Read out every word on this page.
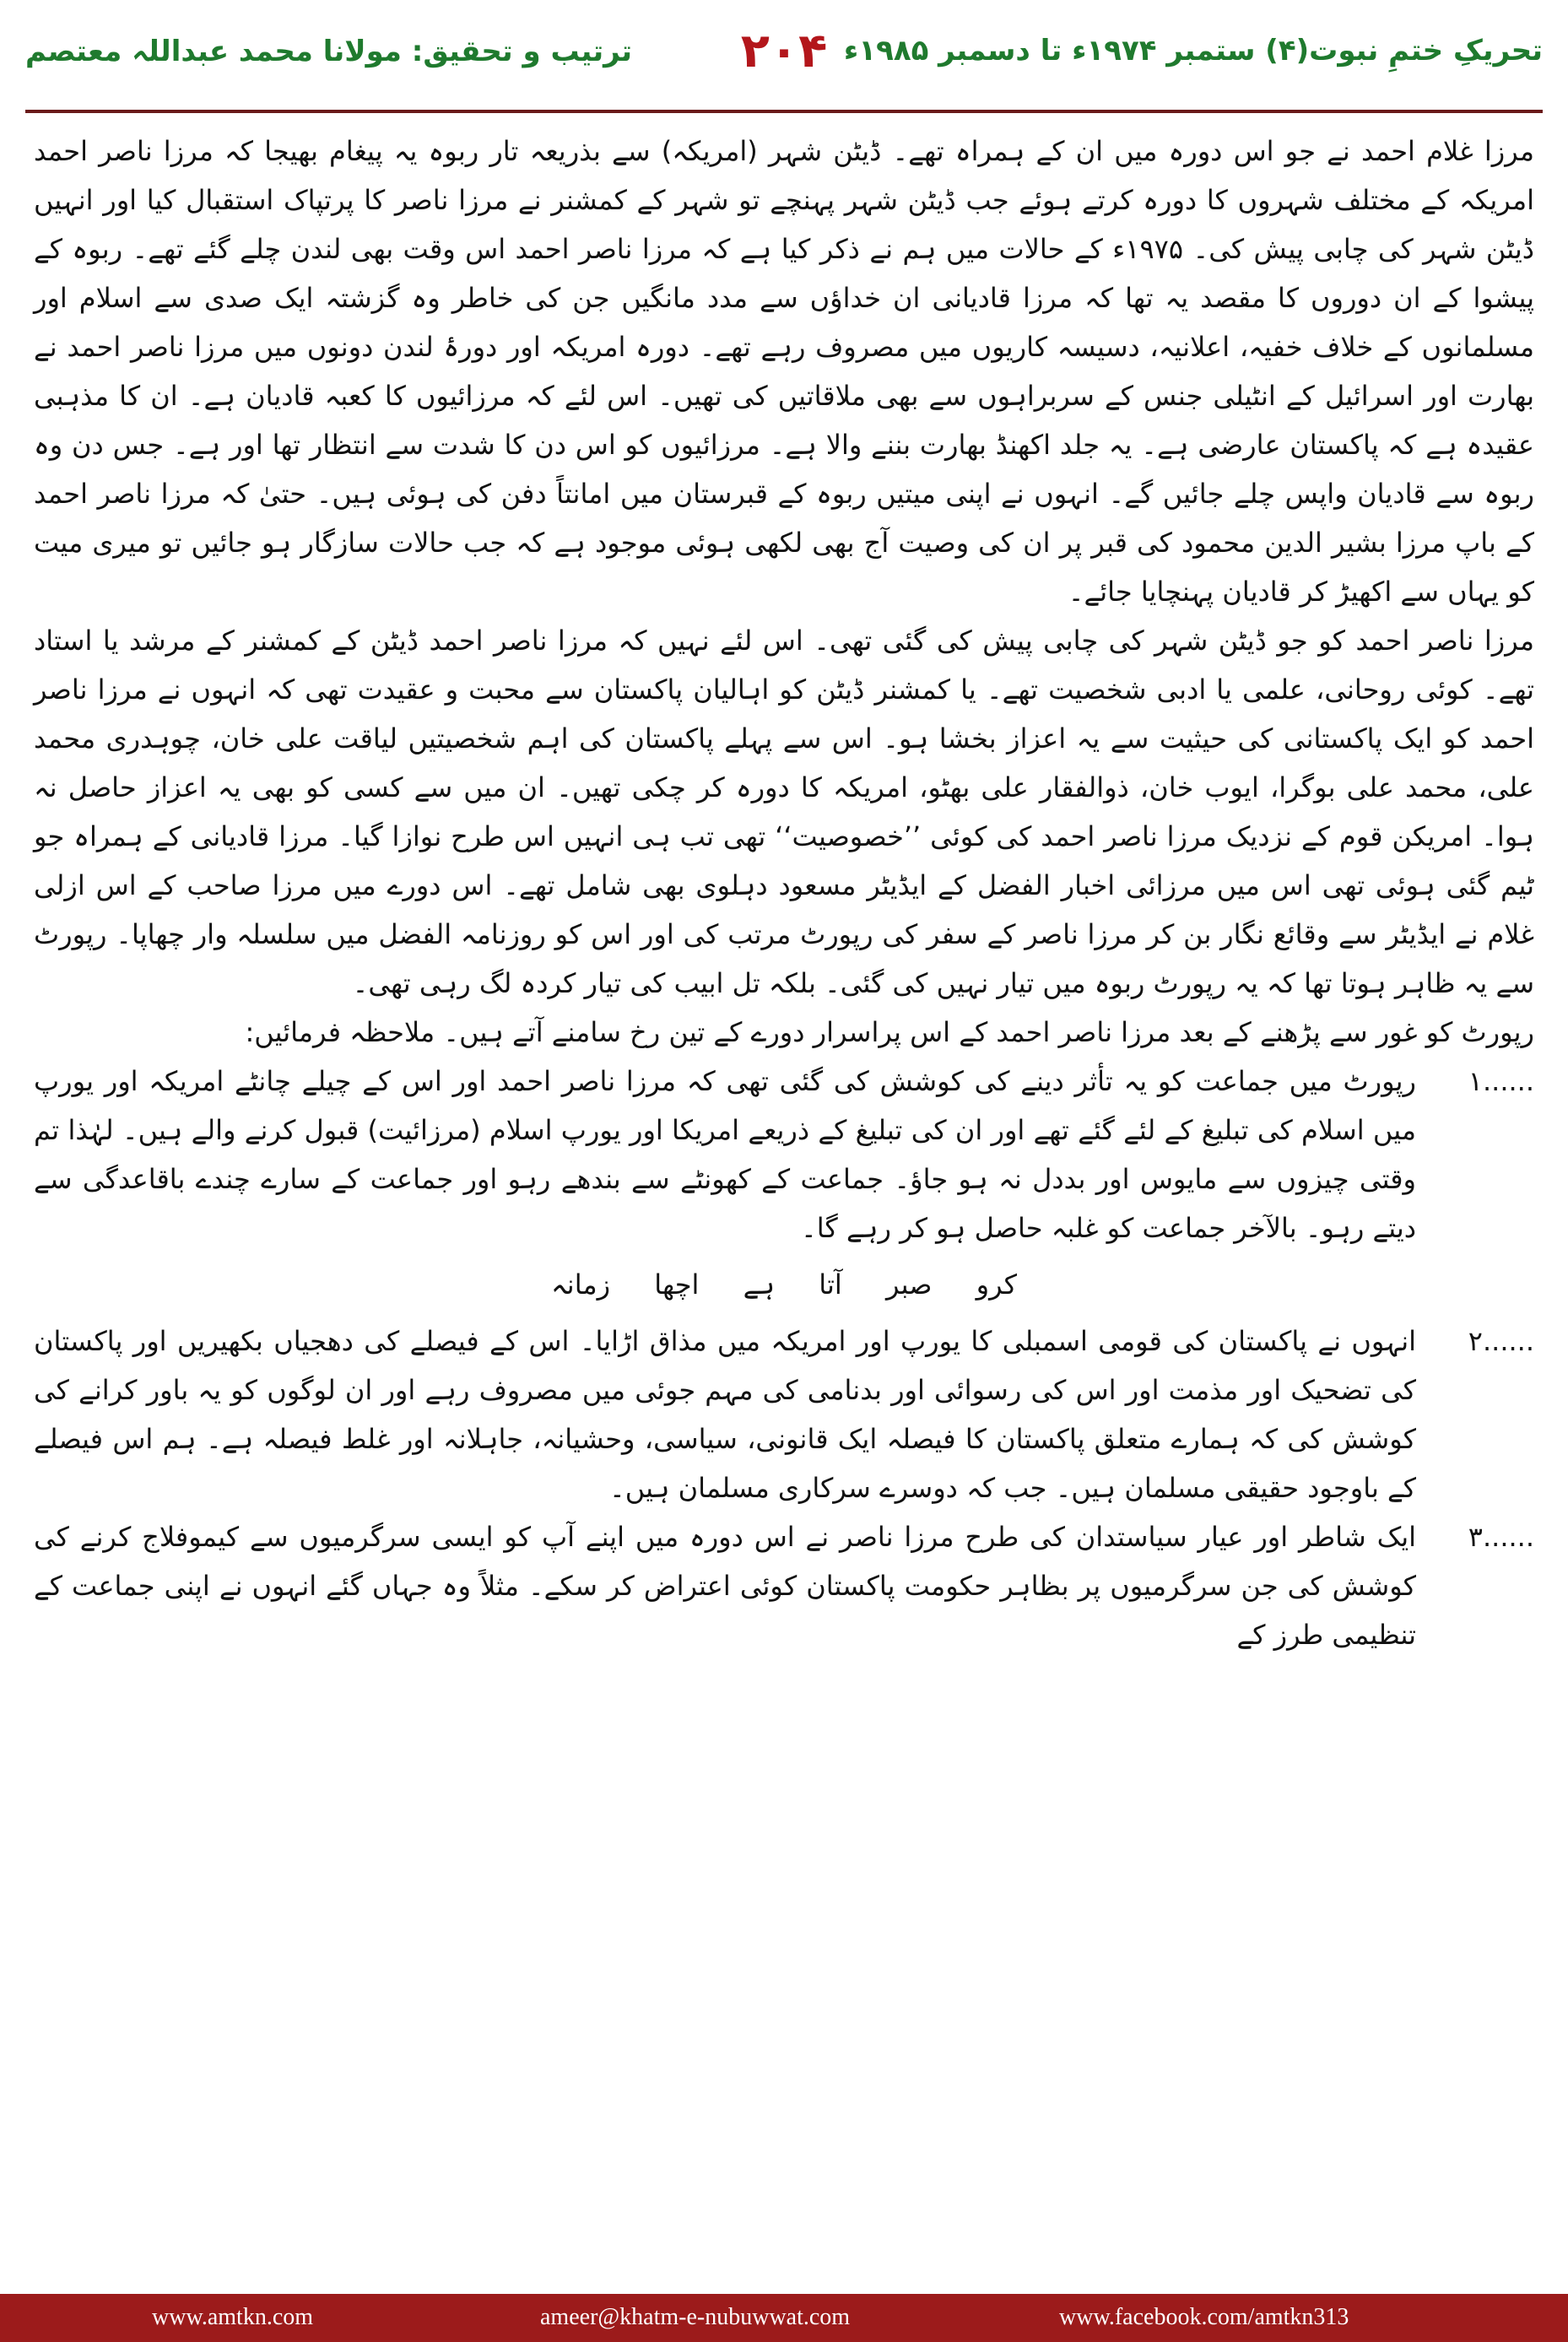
تحریکِ ختمِ نبوت(۴) ستمبر ۱۹۷۴ء تا دسمبر ۱۹۸۵ء
۲۰۴
ترتیب و تحقیق: مولانا محمد عبداللہ معتصم

مرزا غلام احمد نے جو اس دورہ میں ان کے ہمراہ تھے۔ ڈیٹن شہر (امریکہ) سے بذریعہ تار ربوہ یہ پیغام بھیجا کہ مرزا ناصر احمد امریکہ کے مختلف شہروں کا دورہ کرتے ہوئے جب ڈیٹن شہر پہنچے تو شہر کے کمشنر نے مرزا ناصر کا پرتپاک استقبال کیا اور انہیں ڈیٹن شہر کی چابی پیش کی۔ ۱۹۷۵ء کے حالات میں ہم نے ذکر کیا ہے کہ مرزا ناصر احمد اس وقت بھی لندن چلے گئے تھے۔ ربوہ کے پیشوا کے ان دوروں کا مقصد یہ تھا کہ مرزا قادیانی ان خداؤں سے مدد مانگیں جن کی خاطر وہ گزشتہ ایک صدی سے اسلام اور مسلمانوں کے خلاف خفیہ، اعلانیہ، دسیسہ کاریوں میں مصروف رہے تھے۔ دورہ امریکہ اور دورۂ لندن دونوں میں مرزا ناصر احمد نے بھارت اور اسرائیل کے انٹیلی جنس کے سربراہوں سے بھی ملاقاتیں کی تھیں۔ اس لئے کہ مرزائیوں کا کعبہ قادیان ہے۔ ان کا مذہبی عقیدہ ہے کہ پاکستان عارضی ہے۔ یہ جلد اکھنڈ بھارت بننے والا ہے۔ مرزائیوں کو اس دن کا شدت سے انتظار تھا اور ہے۔ جس دن وہ ربوہ سے قادیان واپس چلے جائیں گے۔ انہوں نے اپنی میتیں ربوہ کے قبرستان میں امانتاً دفن کی ہوئی ہیں۔ حتیٰ کہ مرزا ناصر احمد کے باپ مرزا بشیر الدین محمود کی قبر پر ان کی وصیت آج بھی لکھی ہوئی موجود ہے کہ جب حالات سازگار ہو جائیں تو میری میت کو یہاں سے اکھیڑ کر قادیان پہنچایا جائے۔

مرزا ناصر احمد کو جو ڈیٹن شہر کی چابی پیش کی گئی تھی۔ اس لئے نہیں کہ مرزا ناصر احمد ڈیٹن کے کمشنر کے مرشد یا استاد تھے۔ کوئی روحانی، علمی یا ادبی شخصیت تھے۔ یا کمشنر ڈیٹن کو اہالیان پاکستان سے محبت و عقیدت تھی کہ انہوں نے مرزا ناصر احمد کو ایک پاکستانی کی حیثیت سے یہ اعزاز بخشا ہو۔ اس سے پہلے پاکستان کی اہم شخصیتیں لیاقت علی خان، چوہدری محمد علی، محمد علی بوگرا، ایوب خان، ذوالفقار علی بھٹو، امریکہ کا دورہ کر چکی تھیں۔ ان میں سے کسی کو بھی یہ اعزاز حاصل نہ ہوا۔ امریکن قوم کے نزدیک مرزا ناصر احمد کی کوئی ’’خصوصیت‘‘ تھی تب ہی انہیں اس طرح نوازا گیا۔ مرزا قادیانی کے ہمراہ جو ٹیم گئی ہوئی تھی اس میں مرزائی اخبار الفضل کے ایڈیٹر مسعود دہلوی بھی شامل تھے۔ اس دورے میں مرزا صاحب کے اس ازلی غلام نے ایڈیٹر سے وقائع نگار بن کر مرزا ناصر کے سفر کی رپورٹ مرتب کی اور اس کو روزنامہ الفضل میں سلسلہ وار چھاپا۔ رپورٹ سے یہ ظاہر ہوتا تھا کہ یہ رپورٹ ربوہ میں تیار نہیں کی گئی۔ بلکہ تل ابیب کی تیار کردہ لگ رہی تھی۔

رپورٹ کو غور سے پڑھنے کے بعد مرزا ناصر احمد کے اس پراسرار دورے کے تین رخ سامنے آتے ہیں۔ ملاحظہ فرمائیں:

۱......
رپورٹ میں جماعت کو یہ تأثر دینے کی کوشش کی گئی تھی کہ مرزا ناصر احمد اور اس کے چیلے چانٹے امریکہ اور یورپ میں اسلام کی تبلیغ کے لئے گئے تھے اور ان کی تبلیغ کے ذریعے امریکا اور یورپ اسلام (مرزائیت) قبول کرنے والے ہیں۔ لہٰذا تم وقتی چیزوں سے مایوس اور بددل نہ ہو جاؤ۔ جماعت کے کھونٹے سے بندھے رہو اور جماعت کے سارے چندے باقاعدگی سے دیتے رہو۔ بالآخر جماعت کو غلبہ حاصل ہو کر رہے گا۔

کرو صبر آتا ہے اچھا زمانہ

۲......
انہوں نے پاکستان کی قومی اسمبلی کا یورپ اور امریکہ میں مذاق اڑایا۔ اس کے فیصلے کی دھجیاں بکھیریں اور پاکستان کی تضحیک اور مذمت اور اس کی رسوائی اور بدنامی کی مہم جوئی میں مصروف رہے اور ان لوگوں کو یہ باور کرانے کی کوشش کی کہ ہمارے متعلق پاکستان کا فیصلہ ایک قانونی، سیاسی، وحشیانہ، جاہلانہ اور غلط فیصلہ ہے۔ ہم اس فیصلے کے باوجود حقیقی مسلمان ہیں۔ جب کہ دوسرے سرکاری مسلمان ہیں۔
۳......
ایک شاطر اور عیار سیاستدان کی طرح مرزا ناصر نے اس دورہ میں اپنے آپ کو ایسی سرگرمیوں سے کیموفلاج کرنے کی کوشش کی جن سرگرمیوں پر بظاہر حکومت پاکستان کوئی اعتراض کر سکے۔ مثلاً وہ جہاں گئے انہوں نے اپنی جماعت کے تنظیمی طرز کے
www.amtkn.com	ameer@khatm-e-nubuwwat.com	www.facebook.com/amtkn313
